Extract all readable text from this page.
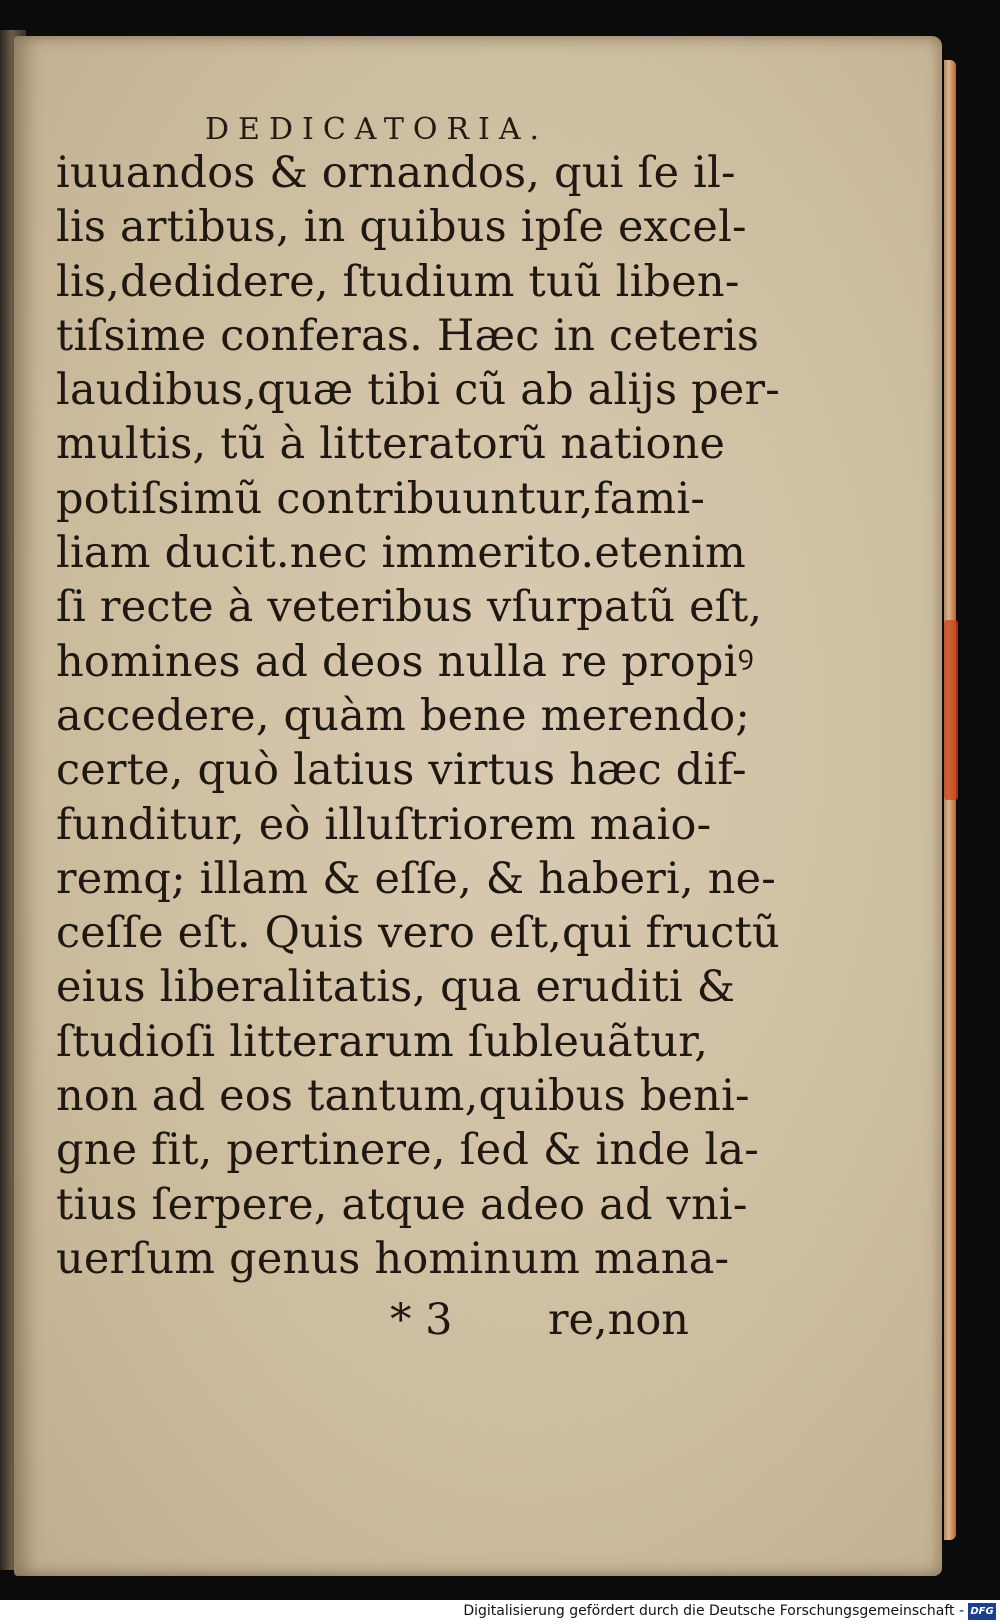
DEDICATORIA.
iuuandos & ornandos, qui ſe il-
lis artibus, in quibus ipſe excel-
lis,dedidere, ſtudium tuũ liben-
tiſsime conferas. Hæc in ceteris
laudibus,quæ tibi cũ ab alijs per-
multis, tũ à litteratorũ natione
potiſsimũ contribuuntur,fami-
liam ducit.nec immerito.etenim
ſi recte à veteribus vſurpatũ eſt,
homines ad deos nulla re propiꝰ
accedere, quàm bene merendo;
certe, quò latius virtus hæc dif-
funditur, eò illuſtriorem maio-
remq; illam & eſſe, & haberi, ne-
ceſſe eſt. Quis vero eſt,qui fructũ
eius liberalitatis, qua eruditi &
ſtudioſi litterarum ſubleuãtur,
non ad eos tantum,quibus beni-
gne fit, pertinere, ſed & inde la-
tius ſerpere, atque adeo ad vni-
uerſum genus hominum mana-
* 3 re,non
Digitalisierung gefördert durch die Deutsche Forschungsgemeinschaft - DFG
